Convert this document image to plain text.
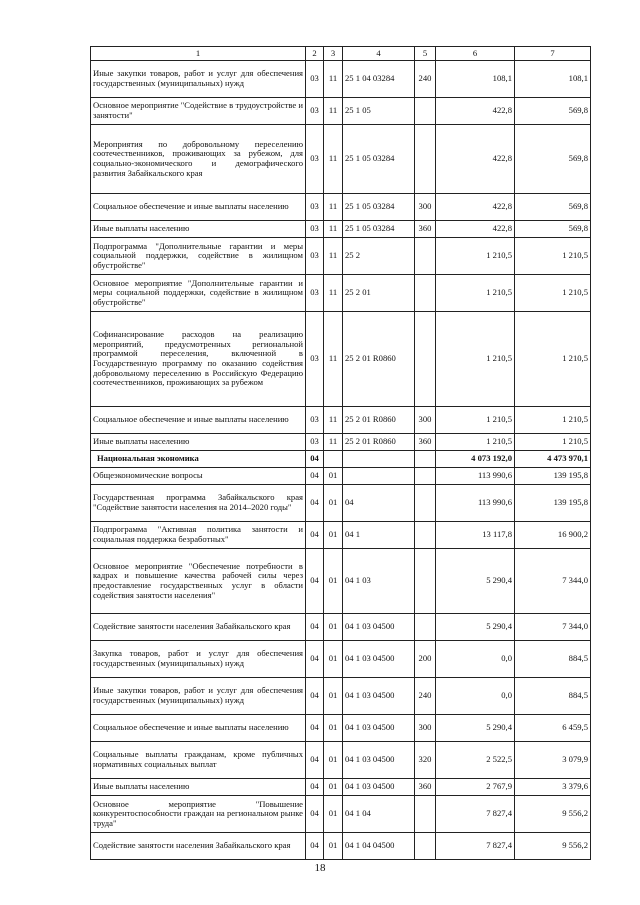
1	2	3	4	5	6	7
Иные закупки товаров, работ и услуг для обеспечения государственных (муниципальных) нужд	03	11	25 1 04 03284	240	108,1	108,1
Основное мероприятие "Содействие в трудоустройстве и занятости"	03	11	25 1 05		422,8	569,8
Мероприятия по добровольному переселению соотечественников, проживающих за рубежом, для социально-экономического и демографического развития Забайкальского края	03	11	25 1 05 03284		422,8	569,8
Социальное обеспечение и иные выплаты населению	03	11	25 1 05 03284	300	422,8	569,8
Иные выплаты населению	03	11	25 1 05 03284	360	422,8	569,8
Подпрограмма "Дополнительные гарантии и меры социальной поддержки, содействие в жилищном обустройстве"	03	11	25 2		1 210,5	1 210,5
Основное мероприятие "Дополнительные гарантии и меры социальной поддержки, содействие в жилищном обустройстве"	03	11	25 2 01		1 210,5	1 210,5
Софинансирование расходов на реализацию мероприятий, предусмотренных региональной программой переселения, включенной в Государственную программу по оказанию содействия добровольному переселению в Российскую Федерацию соотечественников, проживающих за рубежом	03	11	25 2 01 R0860		1 210,5	1 210,5
Социальное обеспечение и иные выплаты населению	03	11	25 2 01 R0860	300	1 210,5	1 210,5
Иные выплаты населению	03	11	25 2 01 R0860	360	1 210,5	1 210,5
Национальная экономика	04				4 073 192,0	4 473 970,1
Общеэкономические вопросы	04	01			113 990,6	139 195,8
Государственная программа Забайкальского края "Содействие занятости населения на 2014–2020 годы"	04	01	04		113 990,6	139 195,8
Подпрограмма "Активная политика занятости и социальная поддержка безработных"	04	01	04 1		13 117,8	16 900,2
Основное мероприятие "Обеспечение потребности в кадрах и повышение качества рабочей силы через предоставление государственных услуг в области содействия занятости населения"	04	01	04 1 03		5 290,4	7 344,0
Содействие занятости населения Забайкальского края	04	01	04 1 03 04500		5 290,4	7 344,0
Закупка товаров, работ и услуг для обеспечения государственных (муниципальных) нужд	04	01	04 1 03 04500	200	0,0	884,5
Иные закупки товаров, работ и услуг для обеспечения государственных (муниципальных) нужд	04	01	04 1 03 04500	240	0,0	884,5
Социальное обеспечение и иные выплаты населению	04	01	04 1 03 04500	300	5 290,4	6 459,5
Социальные выплаты гражданам, кроме публичных нормативных социальных выплат	04	01	04 1 03 04500	320	2 522,5	3 079,9
Иные выплаты населению	04	01	04 1 03 04500	360	2 767,9	3 379,6
Основное мероприятие "Повышение конкурентоспособности граждан на региональном рынке труда"	04	01	04 1 04		7 827,4	9 556,2
Содействие занятости населения Забайкальского края	04	01	04 1 04 04500		7 827,4	9 556,2
18
